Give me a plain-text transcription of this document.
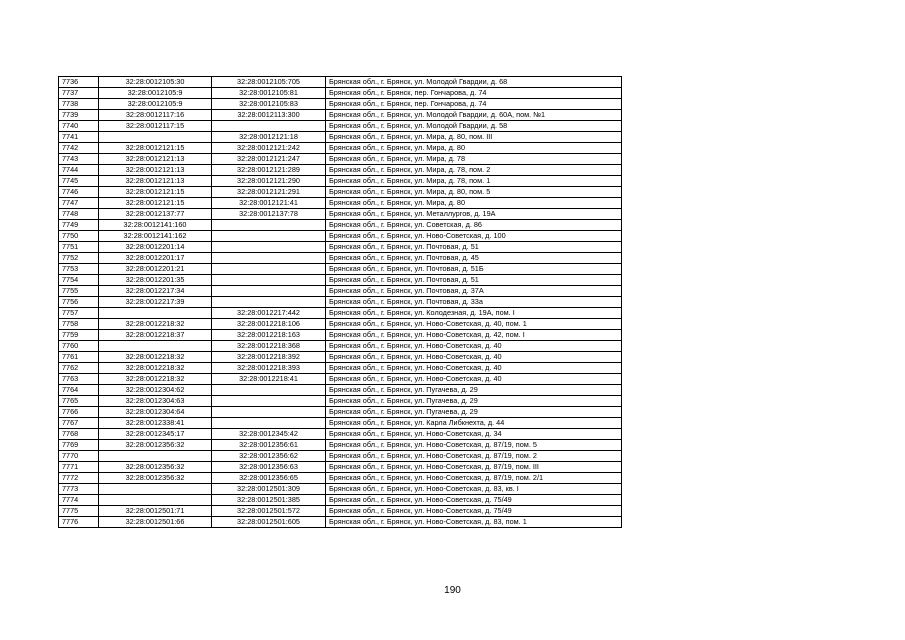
7736	32:28:0012105:30	32:28:0012105:705	Брянская обл., г. Брянск, ул. Молодой Гвардии, д. 68
7737	32:28:0012105:9	32:28:0012105:81	Брянская обл., г. Брянск, пер. Гончарова, д. 74
7738	32:28:0012105:9	32:28:0012105:83	Брянская обл., г. Брянск, пер. Гончарова, д. 74
7739	32:28:0012117:16	32:28:0012113:300	Брянская обл., г. Брянск, ул. Молодой Гвардии, д. 60А, пом. №1
7740	32:28:0012117:15		Брянская обл., г. Брянск, ул. Молодой Гвардии, д. 58
7741		32:28:0012121:18	Брянская обл., г. Брянск, ул. Мира, д. 80, пом. III
7742	32:28:0012121:15	32:28:0012121:242	Брянская обл., г. Брянск, ул. Мира, д. 80
7743	32:28:0012121:13	32:28:0012121:247	Брянская обл., г. Брянск, ул. Мира, д. 78
7744	32:28:0012121:13	32:28:0012121:289	Брянская обл., г. Брянск, ул. Мира, д. 78, пом. 2
7745	32:28:0012121:13	32:28:0012121:290	Брянская обл., г. Брянск, ул. Мира, д. 78, пом. 1
7746	32:28:0012121:15	32:28:0012121:291	Брянская обл., г. Брянск, ул. Мира, д. 80, пом. 5
7747	32:28:0012121:15	32:28:0012121:41	Брянская обл., г. Брянск, ул. Мира, д. 80
7748	32:28:0012137:77	32:28:0012137:78	Брянская обл., г. Брянск, ул. Металлургов, д. 19А
7749	32:28:0012141:160		Брянская обл., г. Брянск, ул. Советская, д. 86
7750	32:28:0012141:162		Брянская обл., г. Брянск, ул. Ново-Советская, д. 100
7751	32:28:0012201:14		Брянская обл., г. Брянск, ул. Почтовая, д. 51
7752	32:28:0012201:17		Брянская обл., г. Брянск, ул. Почтовая, д. 45
7753	32:28:0012201:21		Брянская обл., г. Брянск, ул. Почтовая, д. 51Б
7754	32:28:0012201:35		Брянская обл., г. Брянск, ул. Почтовая, д. 51
7755	32:28:0012217:34		Брянская обл., г. Брянск, ул. Почтовая, д. 37А
7756	32:28:0012217:39		Брянская обл., г. Брянск, ул. Почтовая, д. 33а
7757		32:28:0012217:442	Брянская обл., г. Брянск, ул. Колодезная, д. 19А, пом. I
7758	32:28:0012218:32	32:28:0012218:106	Брянская обл., г. Брянск, ул. Ново-Советская, д. 40, пом. 1
7759	32:28:0012218:37	32:28:0012218:163	Брянская обл., г. Брянск, ул. Ново-Советская, д. 42, пом. I
7760		32:28:0012218:368	Брянская обл., г. Брянск, ул. Ново-Советская, д. 40
7761	32:28:0012218:32	32:28:0012218:392	Брянская обл., г. Брянск, ул. Ново-Советская, д. 40
7762	32:28:0012218:32	32:28:0012218:393	Брянская обл., г. Брянск, ул. Ново-Советская, д. 40
7763	32:28:0012218:32	32:28:0012218:41	Брянская обл., г. Брянск, ул. Ново-Советская, д. 40
7764	32:28:0012304:62		Брянская обл., г. Брянск, ул. Пугачева, д. 29
7765	32:28:0012304:63		Брянская обл., г. Брянск, ул. Пугачева, д. 29
7766	32:28:0012304:64		Брянская обл., г. Брянск, ул. Пугачева, д. 29
7767	32:28:0012338:41		Брянская обл., г. Брянск, ул. Карла Либкнехта, д. 44
7768	32:28:0012345:17	32:28:0012345:42	Брянская обл., г. Брянск, ул. Ново-Советская, д. 34
7769	32:28:0012356:32	32:28:0012356:61	Брянская обл., г. Брянск, ул. Ново-Советская, д. 87/19, пом. 5
7770		32:28:0012356:62	Брянская обл., г. Брянск, ул. Ново-Советская, д. 87/19, пом. 2
7771	32:28:0012356:32	32:28:0012356:63	Брянская обл., г. Брянск, ул. Ново-Советская, д. 87/19, пом. III
7772	32:28:0012356:32	32:28:0012356:65	Брянская обл., г. Брянск, ул. Ново-Советская, д. 87/19, пом. 2/1
7773		32:28:0012501:309	Брянская обл., г. Брянск, ул. Ново-Советская, д. 83, кв. I
7774		32:28:0012501:385	Брянская обл., г. Брянск, ул. Ново-Советская, д. 75/49
7775	32:28:0012501:71	32:28:0012501:572	Брянская обл., г. Брянск, ул. Ново-Советская, д. 75/49
7776	32:28:0012501:66	32:28:0012501:605	Брянская обл., г. Брянск, ул. Ново-Советская, д. 83, пом. 1
190
